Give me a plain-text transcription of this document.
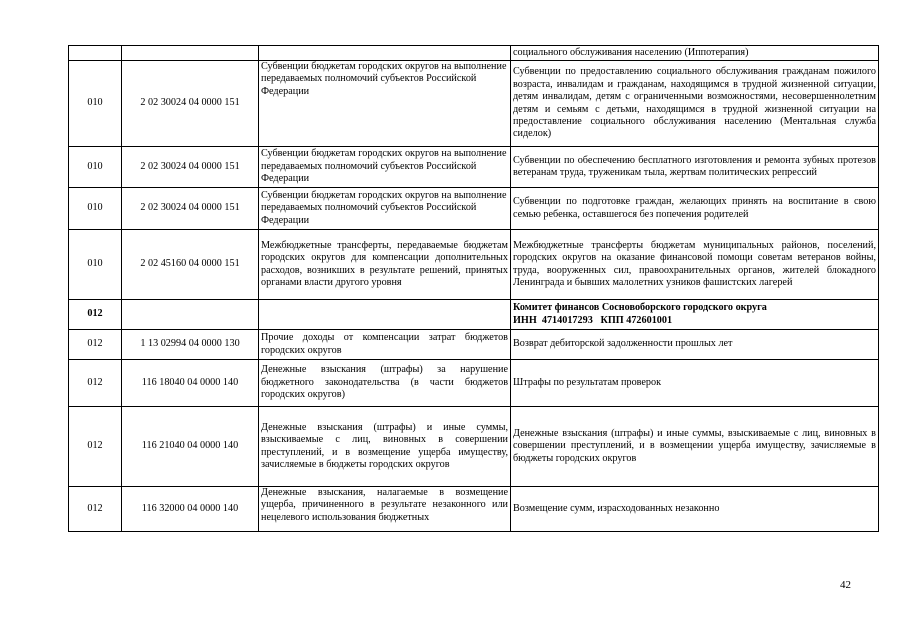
			социального обслуживания населению (Иппотерапия)
010	2 02 30024 04 0000 151	Субвенции бюджетам городских округов на выполнение передаваемых полномочий субъектов Российской Федерации	Субвенции по предоставлению социального обслуживания гражданам пожилого возраста, инвалидам и гражданам, находящимся в трудной жизненной ситуации, детям инвалидам, детям с ограниченными возможностями, несовершеннолетним детям и семьям с детьми, находящимся в трудной жизненной ситуации на предоставление социального обслуживания населению (Ментальная служба сиделок)
010	2 02 30024 04 0000 151	Субвенции бюджетам городских округов на выполнение передаваемых полномочий субъектов Российской Федерации	Субвенции по обеспечению бесплатного изготовления и ремонта зубных протезов ветеранам труда, труженикам тыла, жертвам политических репрессий
010	2 02 30024 04 0000 151	Субвенции бюджетам городских округов на выполнение передаваемых полномочий субъектов Российской Федерации	Субвенции по подготовке граждан, желающих принять на воспитание в свою семью ребенка, оставшегося без попечения родителей
010	2 02 45160 04 0000 151	Межбюджетные трансферты, передаваемые бюджетам городских округов для компенсации дополнительных расходов, возникших в результате решений, принятых органами власти другого уровня	Межбюджетные трансферты бюджетам муниципальных районов, поселений, городских округов на оказание финансовой помощи советам ветеранов войны, труда, вооруженных сил, правоохранительных органов, жителей блокадного Ленинграда и бывших малолетних узников фашистских лагерей
012			Комитет финансов Сосновоборского городского округа
ИНН  4714017293   КПП 472601001

012	1 13 02994 04 0000 130	Прочие доходы от компенсации затрат бюджетов городских округов	Возврат дебиторской задолженности прошлых лет
012	116 18040 04 0000 140	Денежные взыскания (штрафы) за нарушение бюджетного законодательства (в части бюджетов городских округов)	Штрафы по результатам проверок
012	116 21040 04 0000 140	Денежные взыскания (штрафы) и иные суммы, взыскиваемые с лиц, виновных в совершении преступлений, и в возмещение ущерба имуществу, зачисляемые в бюджеты городских округов	Денежные взыскания (штрафы) и иные суммы, взыскиваемые с лиц, виновных в совершении преступлений, и в возмещении ущерба имуществу, зачисляемые в бюджеты городских округов
012	116 32000 04 0000 140	Денежные взыскания, налагаемые в возмещение ущерба, причиненного в результате незаконного или нецелевого использования бюджетных	Возмещение сумм, израсходованных незаконно
42
